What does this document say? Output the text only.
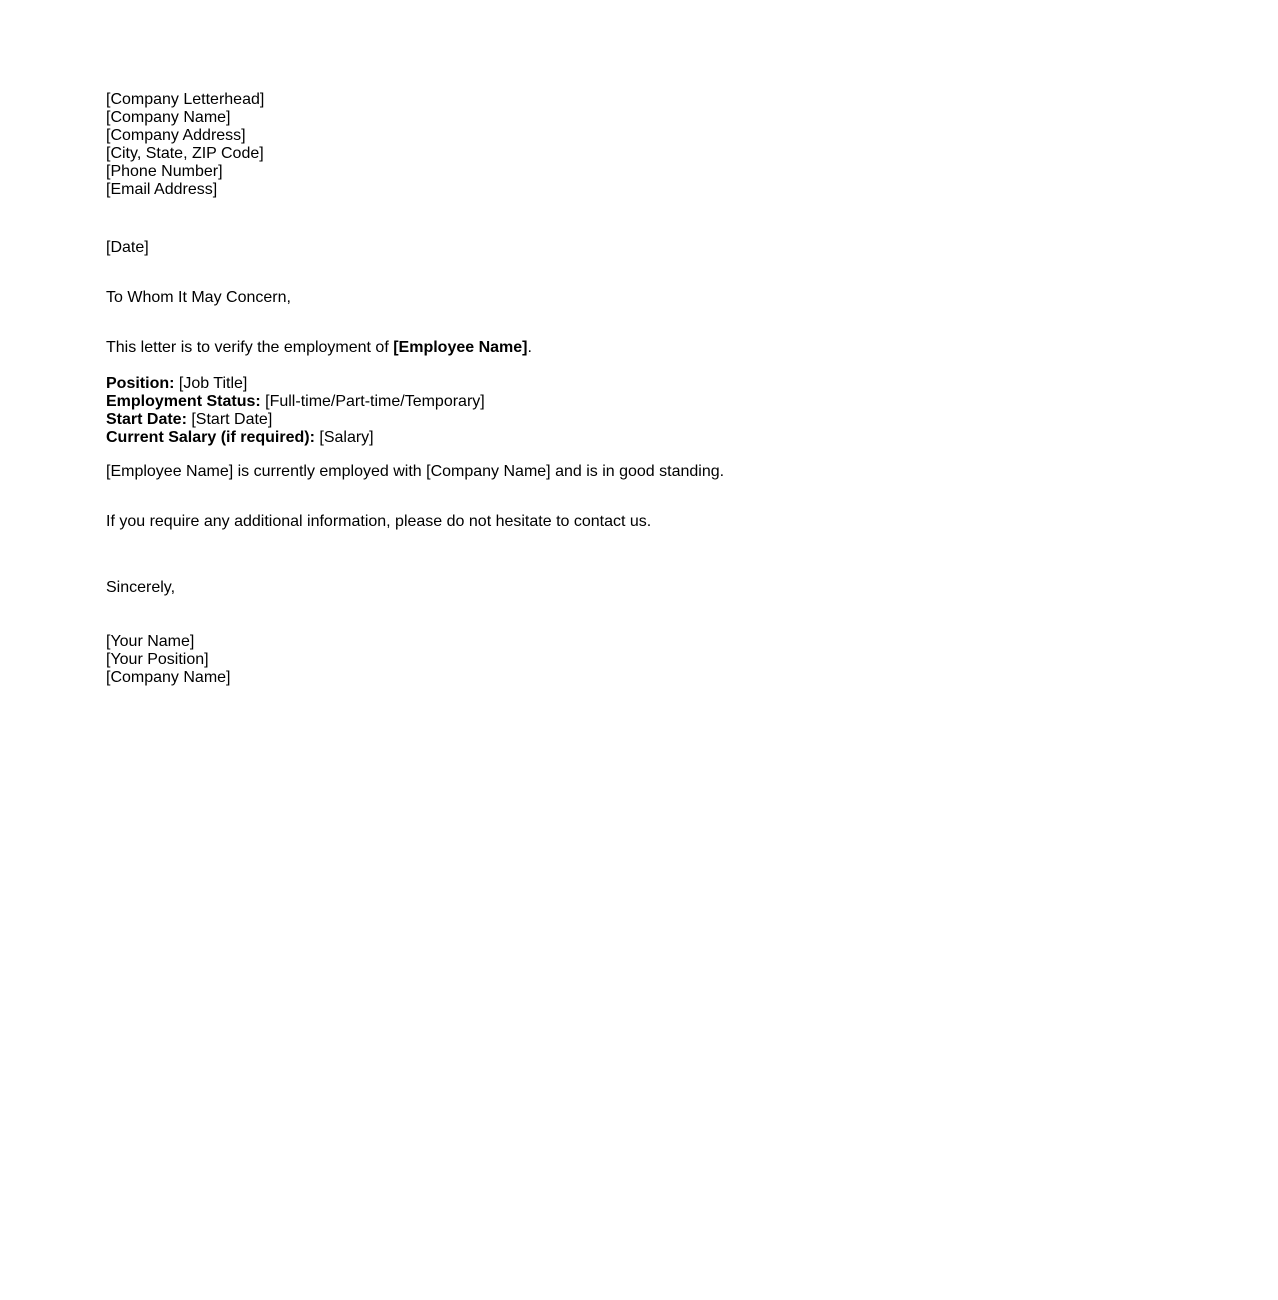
[Company Letterhead]
[Company Name]
[Company Address]
[City, State, ZIP Code]
[Phone Number]
[Email Address]
[Date]
To Whom It May Concern,
This letter is to verify the employment of [Employee Name].
Position: [Job Title]
Employment Status: [Full-time/Part-time/Temporary]
Start Date: [Start Date]
Current Salary (if required): [Salary]
[Employee Name] is currently employed with [Company Name] and is in good standing.
If you require any additional information, please do not hesitate to contact us.
Sincerely,
[Your Name]
[Your Position]
[Company Name]
